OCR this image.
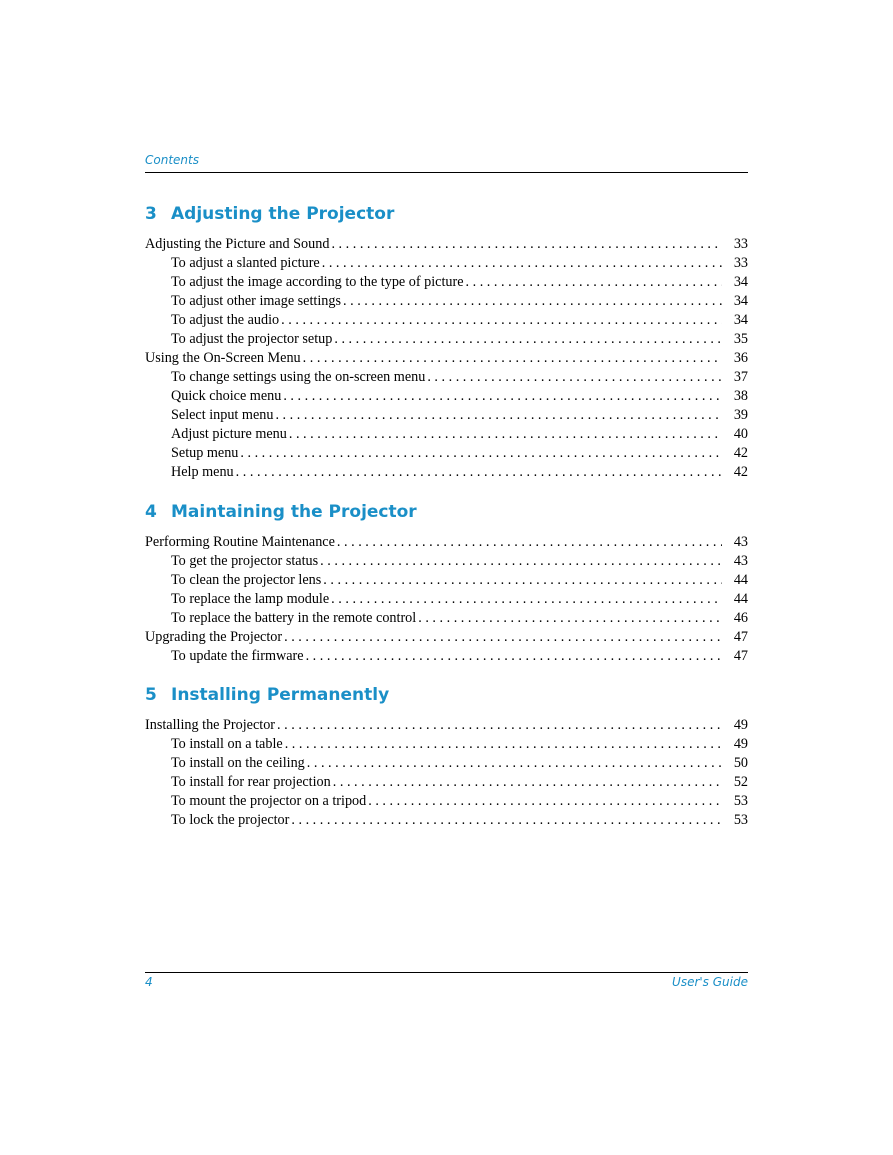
Contents
3 Adjusting the Projector
Adjusting the Picture and Sound . . .	33
To adjust a slanted picture . . .	33
To adjust the image according to the type of picture . . .	34
To adjust other image settings . . .	34
To adjust the audio . . .	34
To adjust the projector setup . . .	35
Using the On-Screen Menu . . .	36
To change settings using the on-screen menu . . .	37
Quick choice menu . . .	38
Select input menu . . .	39
Adjust picture menu . . .	40
Setup menu . . .	42
Help menu . . .	42
4 Maintaining the Projector
Performing Routine Maintenance . . .	43
To get the projector status . . .	43
To clean the projector lens . . .	44
To replace the lamp module . . .	44
To replace the battery in the remote control . . .	46
Upgrading the Projector . . .	47
To update the firmware . . .	47
5 Installing Permanently
Installing the Projector . . .	49
To install on a table . . .	49
To install on the ceiling . . .	50
To install for rear projection . . .	52
To mount the projector on a tripod . . .	53
To lock the projector . . .	53
4	User's Guide
